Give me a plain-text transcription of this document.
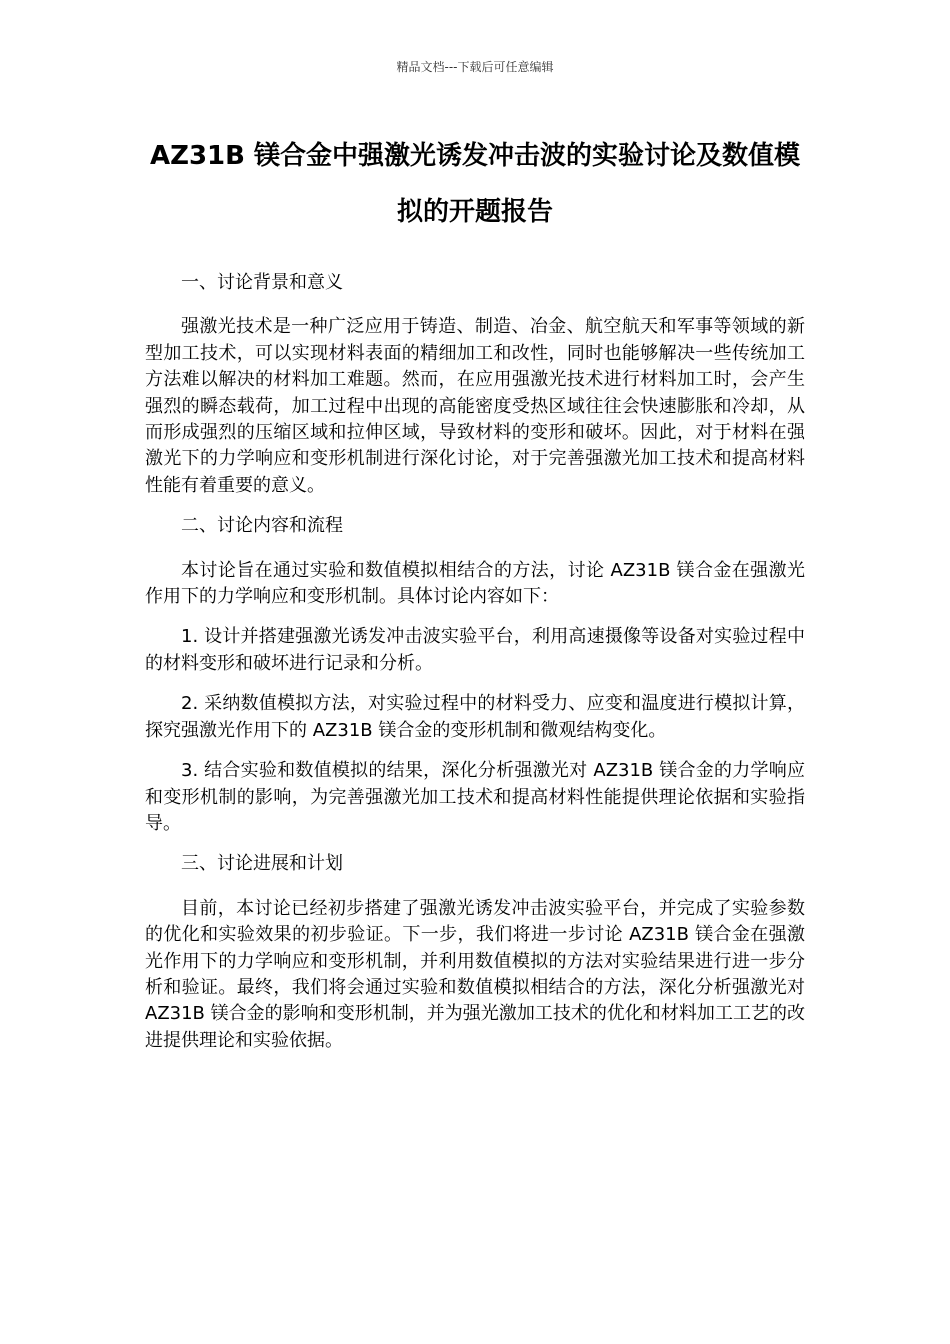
精品文档---下载后可任意编辑
AZ31B 镁合金中强激光诱发冲击波的实验讨论及数值模拟的开题报告

一、讨论背景和意义

强激光技术是一种广泛应用于铸造、制造、冶金、航空航天和军事等领域的新型加工技术，可以实现材料表面的精细加工和改性，同时也能够解决一些传统加工方法难以解决的材料加工难题。然而，在应用强激光技术进行材料加工时，会产生强烈的瞬态载荷，加工过程中出现的高能密度受热区域往往会快速膨胀和冷却，从而形成强烈的压缩区域和拉伸区域，导致材料的变形和破坏。因此，对于材料在强激光下的力学响应和变形机制进行深化讨论，对于完善强激光加工技术和提高材料性能有着重要的意义。

二、讨论内容和流程

本讨论旨在通过实验和数值模拟相结合的方法，讨论 AZ31B 镁合金在强激光作用下的力学响应和变形机制。具体讨论内容如下：

1. 设计并搭建强激光诱发冲击波实验平台，利用高速摄像等设备对实验过程中的材料变形和破坏进行记录和分析。

2. 采纳数值模拟方法，对实验过程中的材料受力、应变和温度进行模拟计算，探究强激光作用下的 AZ31B 镁合金的变形机制和微观结构变化。

3. 结合实验和数值模拟的结果，深化分析强激光对 AZ31B 镁合金的力学响应和变形机制的影响，为完善强激光加工技术和提高材料性能提供理论依据和实验指导。

三、讨论进展和计划

目前，本讨论已经初步搭建了强激光诱发冲击波实验平台，并完成了实验参数的优化和实验效果的初步验证。下一步，我们将进一步讨论 AZ31B 镁合金在强激光作用下的力学响应和变形机制，并利用数值模拟的方法对实验结果进行进一步分析和验证。最终，我们将会通过实验和数值模拟相结合的方法，深化分析强激光对 AZ31B 镁合金的影响和变形机制，并为强光激加工技术的优化和材料加工工艺的改进提供理论和实验依据。
